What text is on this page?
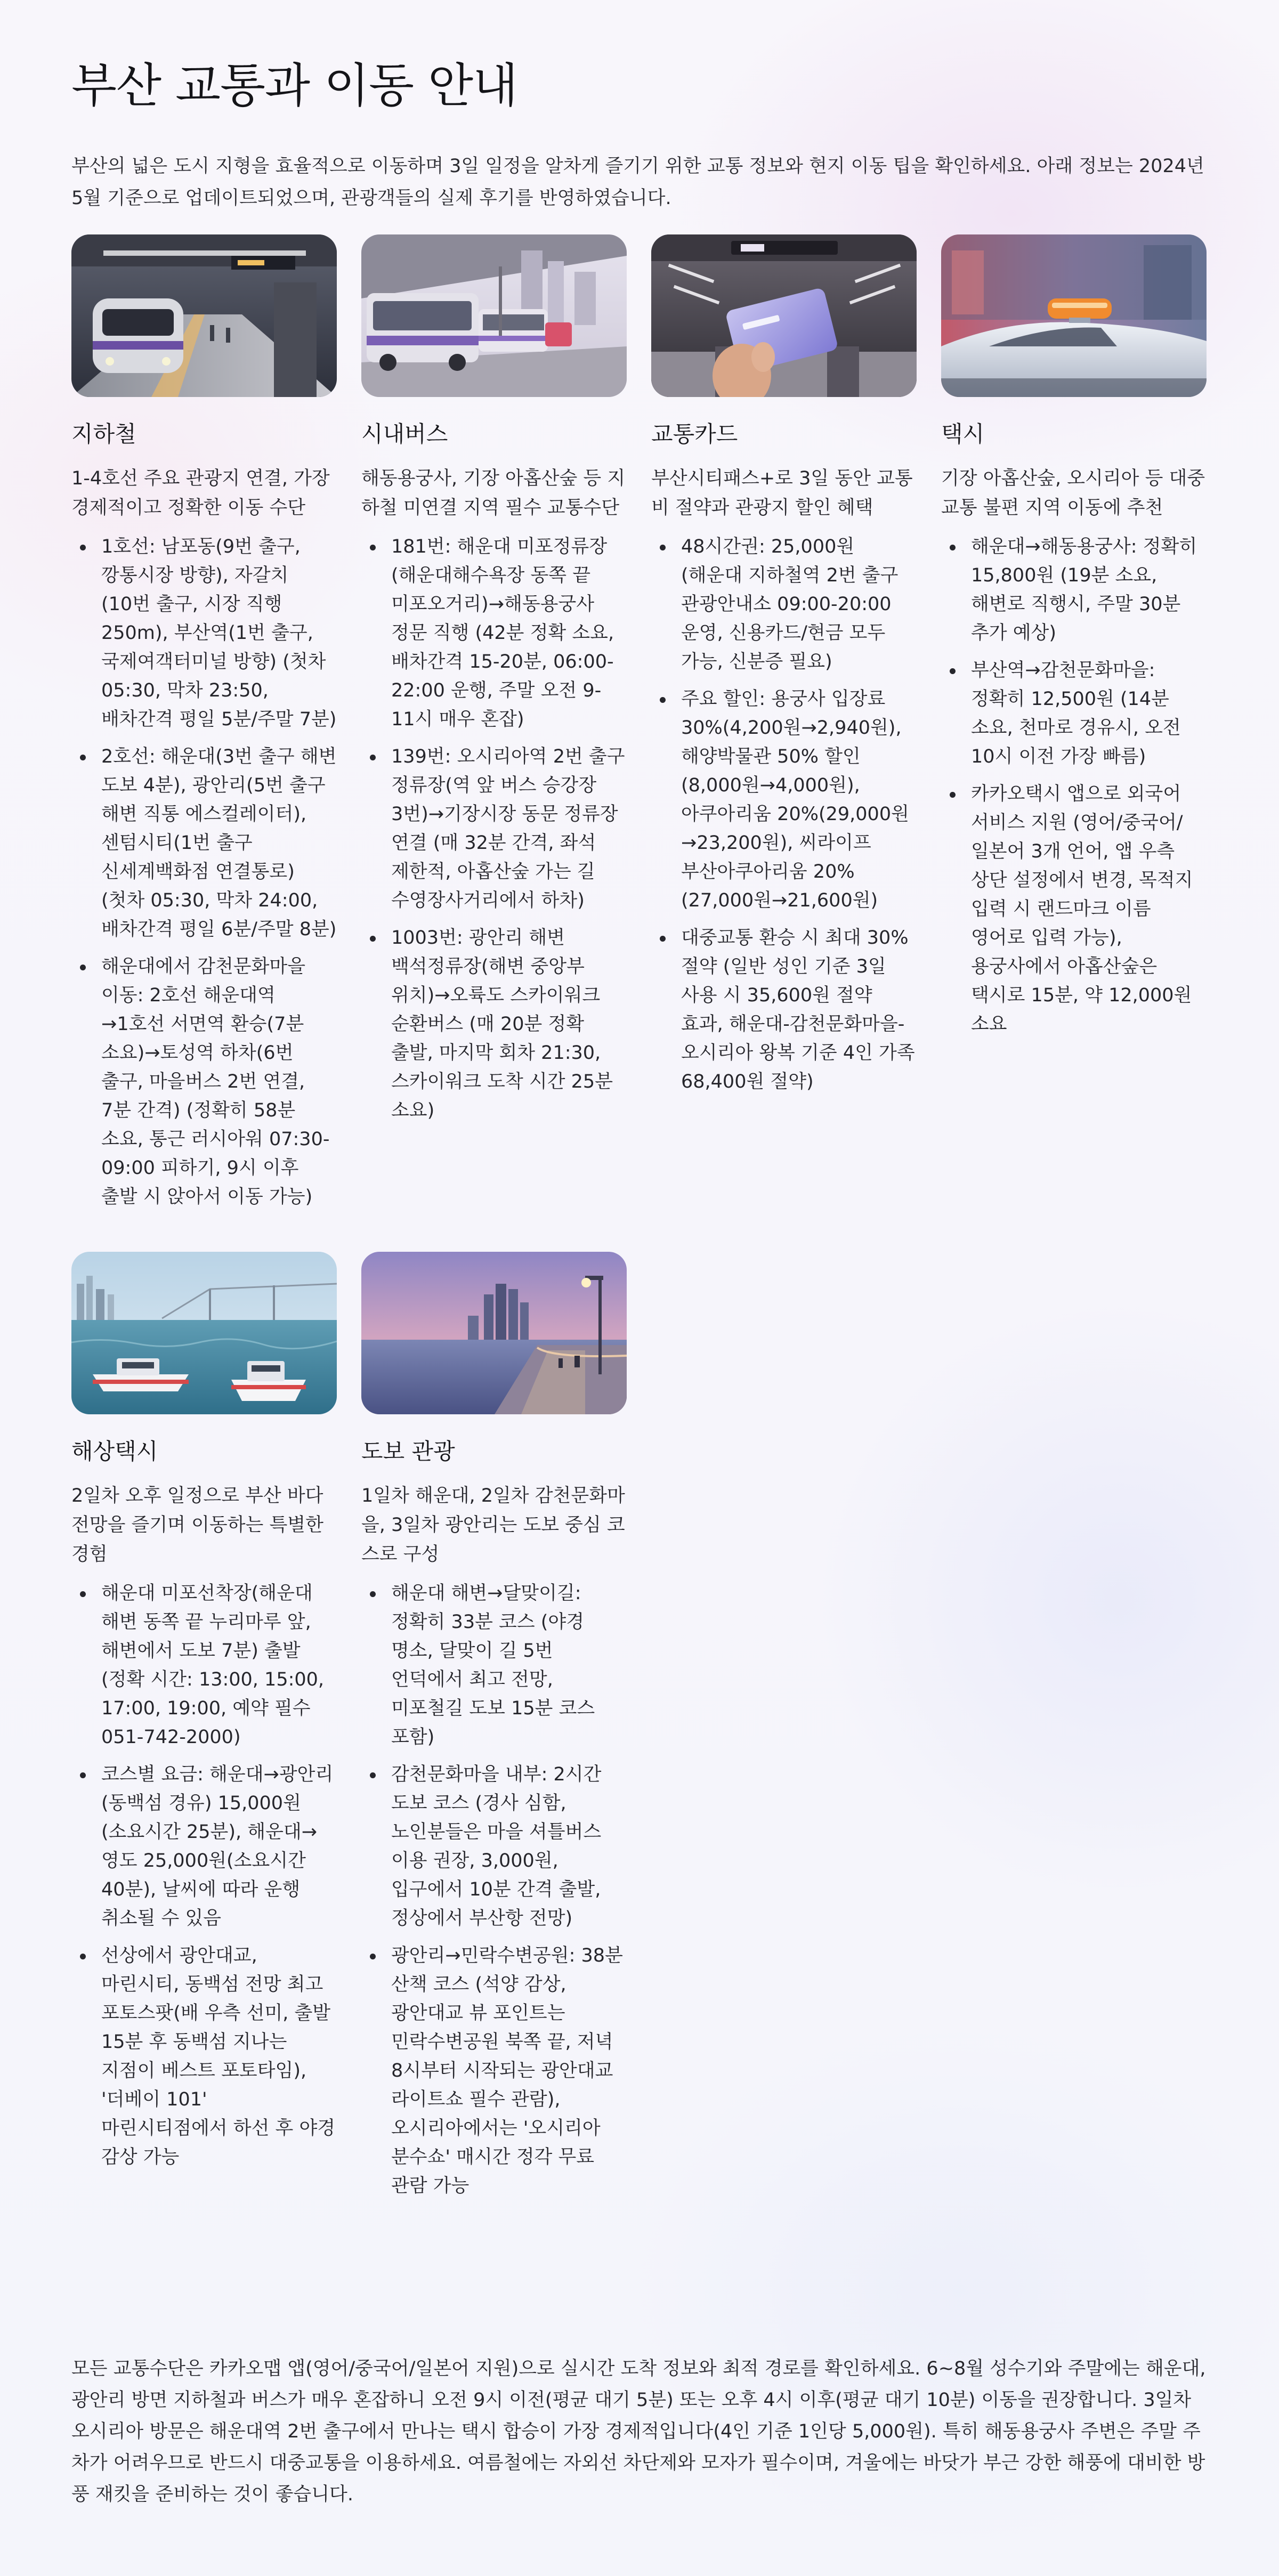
부산 교통과 이동 안내

부산의 넓은 도시 지형을 효율적으로 이동하며 3일 일정을 알차게 즐기기 위한 교통 정보와 현지 이동 팁을 확인하세요. 아래 정보는 2024년 5월 기준으로 업데이트되었으며, 관광객들의 실제 후기를 반영하였습니다.

지하철

1-4호선 주요 관광지 연결, 가장 경제적이고 정확한 이동 수단

1호선: 남포동(9번 출구, 깡통시장 방향), 자갈치(10번 출구, 시장 직행 250m), 부산역(1번 출구, 국제여객터미널 방향) (첫차 05:30, 막차 23:50, 배차간격 평일 5분/주말 7분)
2호선: 해운대(3번 출구 해변 도보 4분), 광안리(5번 출구 해변 직통 에스컬레이터), 센텀시티(1번 출구 신세계백화점 연결통로) (첫차 05:30, 막차 24:00, 배차간격 평일 6분/주말 8분)
해운대에서 감천문화마을 이동: 2호선 해운대역→1호선 서면역 환승(7분 소요)→토성역 하차(6번 출구, 마을버스 2번 연결, 7분 간격) (정확히 58분 소요, 통근 러시아워 07:30-09:00 피하기, 9시 이후 출발 시 앉아서 이동 가능)
시내버스

해동용궁사, 기장 아홉산숲 등 지하철 미연결 지역 필수 교통수단

181번: 해운대 미포정류장(해운대해수욕장 동쪽 끝 미포오거리)→해동용궁사 정문 직행 (42분 정확 소요, 배차간격 15-20분, 06:00-22:00 운행, 주말 오전 9-11시 매우 혼잡)
139번: 오시리아역 2번 출구 정류장(역 앞 버스 승강장 3번)→기장시장 동문 정류장 연결 (매 32분 간격, 좌석 제한적, 아홉산숲 가는 길 수영장사거리에서 하차)
1003번: 광안리 해변 백석정류장(해변 중앙부 위치)→오륙도 스카이워크 순환버스 (매 20분 정확 출발, 마지막 회차 21:30, 스카이워크 도착 시간 25분 소요)
교통카드

부산시티패스+로 3일 동안 교통비 절약과 관광지 할인 혜택

48시간권: 25,000원 (해운대 지하철역 2번 출구 관광안내소 09:00-20:00 운영, 신용카드/현금 모두 가능, 신분증 필요)
주요 할인: 용궁사 입장료 30%(4,200원→2,940원), 해양박물관 50% 할인(8,000원→4,000원), 아쿠아리움 20%(29,000원→23,200원), 씨라이프 부산아쿠아리움 20%(27,000원→21,600원)
대중교통 환승 시 최대 30% 절약 (일반 성인 기준 3일 사용 시 35,600원 절약 효과, 해운대-감천문화마을-오시리아 왕복 기준 4인 가족 68,400원 절약)
택시

기장 아홉산숲, 오시리아 등 대중교통 불편 지역 이동에 추천

해운대→해동용궁사: 정확히 15,800원 (19분 소요, 해변로 직행시, 주말 30분 추가 예상)
부산역→감천문화마을: 정확히 12,500원 (14분 소요, 천마로 경유시, 오전 10시 이전 가장 빠름)
카카오택시 앱으로 외국어 서비스 지원 (영어/중국어/일본어 3개 언어, 앱 우측 상단 설정에서 변경, 목적지 입력 시 랜드마크 이름 영어로 입력 가능), 용궁사에서 아홉산숲은 택시로 15분, 약 12,000원 소요
해상택시

2일차 오후 일정으로 부산 바다 전망을 즐기며 이동하는 특별한 경험

해운대 미포선착장(해운대 해변 동쪽 끝 누리마루 앞, 해변에서 도보 7분) 출발 (정확 시간: 13:00, 15:00, 17:00, 19:00, 예약 필수 051-742-2000)
코스별 요금: 해운대→광안리(동백섬 경유) 15,000원(소요시간 25분), 해운대→영도 25,000원(소요시간 40분), 날씨에 따라 운행 취소될 수 있음
선상에서 광안대교, 마린시티, 동백섬 전망 최고 포토스팟(배 우측 선미, 출발 15분 후 동백섬 지나는 지점이 베스트 포토타임), '더베이 101' 마린시티점에서 하선 후 야경 감상 가능
도보 관광

1일차 해운대, 2일차 감천문화마을, 3일차 광안리는 도보 중심 코스로 구성

해운대 해변→달맞이길: 정확히 33분 코스 (야경 명소, 달맞이 길 5번 언덕에서 최고 전망, 미포철길 도보 15분 코스 포함)
감천문화마을 내부: 2시간 도보 코스 (경사 심함, 노인분들은 마을 셔틀버스 이용 권장, 3,000원, 입구에서 10분 간격 출발, 정상에서 부산항 전망)
광안리→민락수변공원: 38분 산책 코스 (석양 감상, 광안대교 뷰 포인트는 민락수변공원 북쪽 끝, 저녁 8시부터 시작되는 광안대교 라이트쇼 필수 관람), 오시리아에서는 '오시리아 분수쇼' 매시간 정각 무료 관람 가능

모든 교통수단은 카카오맵 앱(영어/중국어/일본어 지원)으로 실시간 도착 정보와 최적 경로를 확인하세요. 6~8월 성수기와 주말에는 해운대, 광안리 방면 지하철과 버스가 매우 혼잡하니 오전 9시 이전(평균 대기 5분) 또는 오후 4시 이후(평균 대기 10분) 이동을 권장합니다. 3일차 오시리아 방문은 해운대역 2번 출구에서 만나는 택시 합승이 가장 경제적입니다(4인 기준 1인당 5,000원). 특히 해동용궁사 주변은 주말 주차가 어려우므로 반드시 대중교통을 이용하세요. 여름철에는 자외선 차단제와 모자가 필수이며, 겨울에는 바닷가 부근 강한 해풍에 대비한 방풍 재킷을 준비하는 것이 좋습니다.
